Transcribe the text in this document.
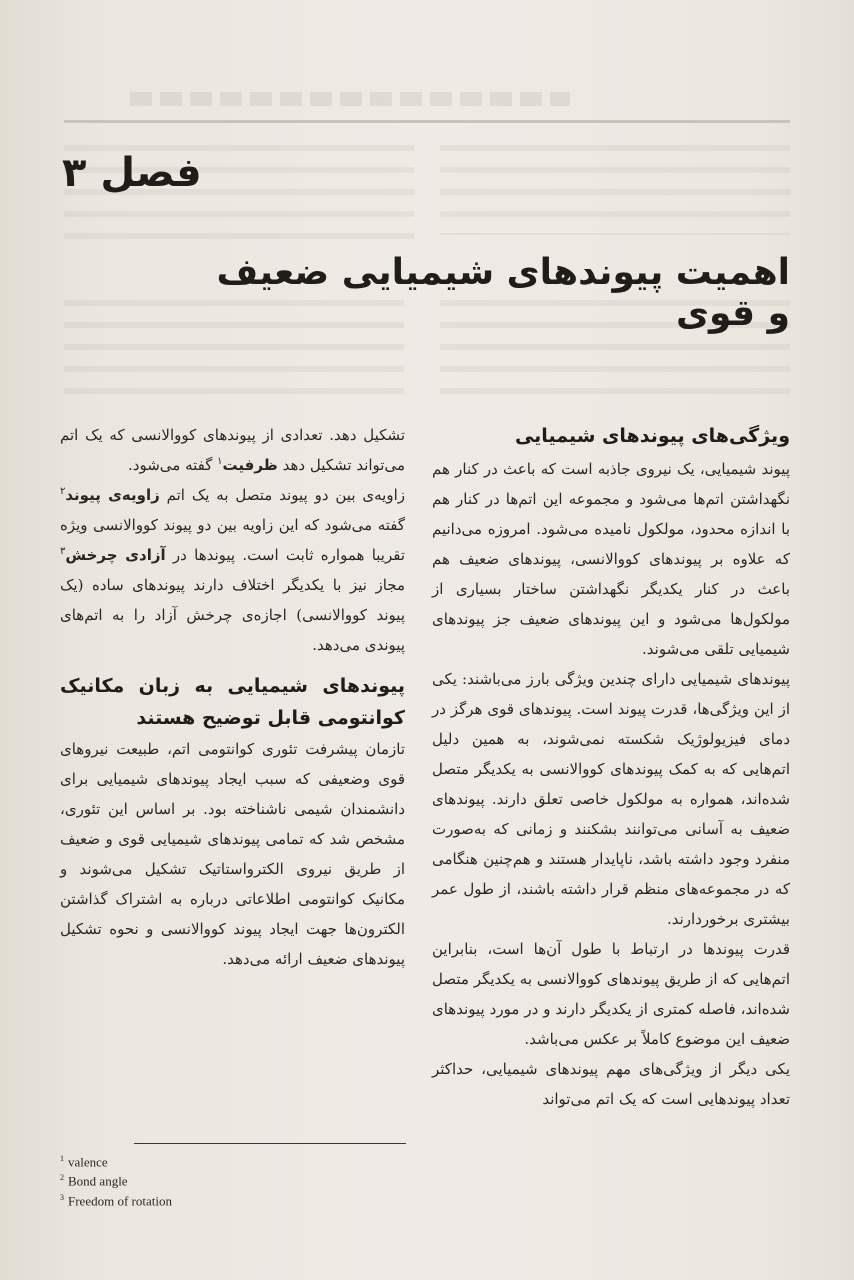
فصل ۳
اهمیت پیوندهای شیمیایی ضعیف و قوی
ویژگی‌های پیوندهای شیمیایی

پیوند شیمیایی، یک نیروی جاذبه است که باعث در کنار هم نگهداشتن اتم‌ها می‌شود و مجموعه این اتم‌ها در کنار هم با اندازه محدود، مولکول نامیده می‌شود. امروزه می‌دانیم که علاوه بر پیوندهای کووالانسی، پیوندهای ضعیف هم باعث در کنار یکدیگر نگهداشتن ساختار بسیاری از مولکول‌ها می‌شود و این پیوندهای ضعیف جز پیوندهای شیمیایی تلقی می‌شوند.

پیوندهای شیمیایی دارای چندین ویژگی بارز می‌باشند: یکی از این ویژگی‌ها، قدرت پیوند است. پیوندهای قوی هرگز در دمای فیزیولوژیک شکسته نمی‌شوند، به همین دلیل اتم‌هایی که به کمک پیوندهای کووالانسی به یکدیگر متصل شده‌اند، همواره به مولکول خاصی تعلق دارند. پیوندهای ضعیف به آسانی می‌توانند بشکنند و زمانی که به‌صورت منفرد وجود داشته باشد، ناپایدار هستند و هم‌چنین هنگامی که در مجموعه‌های منظم قرار داشته باشند، از طول عمر بیشتری برخوردارند.

قدرت پیوندها در ارتباط با طول آن‌ها است، بنابراین اتم‌هایی که از طریق پیوندهای کووالانسی به یکدیگر متصل شده‌اند، فاصله کمتری از یکدیگر دارند و در مورد پیوندهای ضعیف این موضوع کاملاً بر عکس می‌باشد.

یکی دیگر از ویژگی‌های مهم پیوندهای شیمیایی، حداکثر تعداد پیوندهایی است که یک اتم می‌تواند

تشکیل دهد. تعدادی از پیوندهای کووالانسی که یک اتم می‌تواند تشکیل دهد ظرفیت$^۱$ گفته می‌شود.

زاویه‌ی بین دو پیوند متصل به یک اتم زاویه‌ی پیوند$^۲$ گفته می‌شود که این زاویه بین دو پیوند کووالانسی ویژه تقریبا همواره ثابت است. پیوندها در آزادی چرخش$^۳$ مجاز نیز با یکدیگر اختلاف دارند پیوندهای ساده (یک پیوند کووالانسی) اجازه‌ی چرخش آزاد را به اتم‌های پیوندی می‌دهد.

پیوندهای شیمیایی به زبان مکانیک کوانتومی قابل توضیح هستند

تازمان پیشرفت تئوری کوانتومی اتم، طبیعت نیروهای قوی وضعیفی که سبب ایجاد پیوندهای شیمیایی برای دانشمندان شیمی ناشناخته بود. بر اساس این تئوری، مشخص شد که تمامی پیوندهای شیمیایی قوی و ضعیف از طریق نیروی الکترواستاتیک تشکیل می‌شوند و مکانیک کوانتومی اطلاعاتی درباره به اشتراک گذاشتن الکترون‌ها جهت ایجاد پیوند کووالانسی و نحوه تشکیل پیوندهای ضعیف ارائه می‌دهد.

$^1$ valence
$^2$ Bond angle
$^3$ Freedom of rotation
